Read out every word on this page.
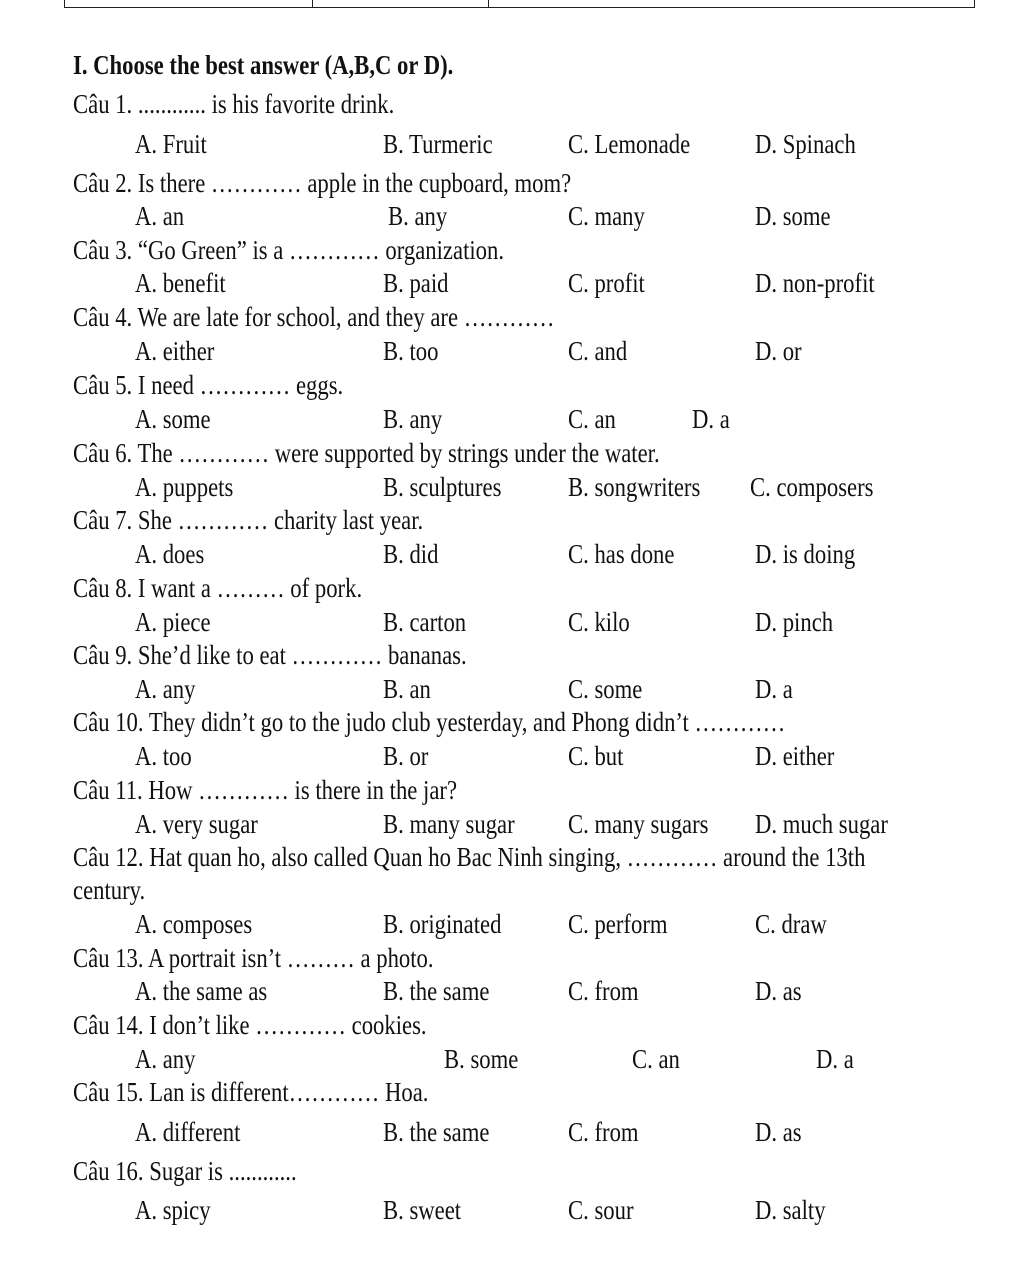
I. Choose the best answer (A,B,C or D).
Câu 1. ............ is his favorite drink.
A. Fruit	B. Turmeric	C. Lemonade D. Spinach
Câu 2. Is there ………… apple in the cupboard, mom?
A. an	B. any	C. many	D. some
Câu 3. “Go Green” is a ………… organization.
A. benefit	B. paid	C. profit	D. non-profit
Câu 4. We are late for school, and they are …………
A. either	B. too	C. and	D. or
Câu 5. I need ………… eggs.
A. some	B. any	C. an	D. a
Câu 6. The ………… were supported by strings under the water.
A. puppets	B. sculptures B. songwriters C. composers
Câu 7. She ………… charity last year.
A. does	B. did	C. has done	D. is doing
Câu 8. I want a ……… of pork.
A. piece	B. carton	C. kilo	D. pinch
Câu 9. She’d like to eat ………… bananas.
A. any	B. an	C. some	D. a
Câu 10. They didn’t go to the judo club yesterday, and Phong didn’t …………
A. too	B. or	C. but	D. either
Câu 11. How ………… is there in the jar?
A. very sugar	B. many sugar C. many sugars D. much sugar
Câu 12. Hat quan ho, also called Quan ho Bac Ninh singing, ………… around the 13th
century.
A. composes	B. originated C. perform	C. draw
Câu 13. A portrait isn’t ……… a photo.
A. the same as	B. the same	C. from	D. as
Câu 14. I don’t like ………… cookies.
A. any	B. some	C. an	D. a
Câu 15. Lan is different………… Hoa.
A. different	B. the same	C. from	D. as
Câu 16. Sugar is ............
A. spicy	B. sweet	C. sour	D. salty
